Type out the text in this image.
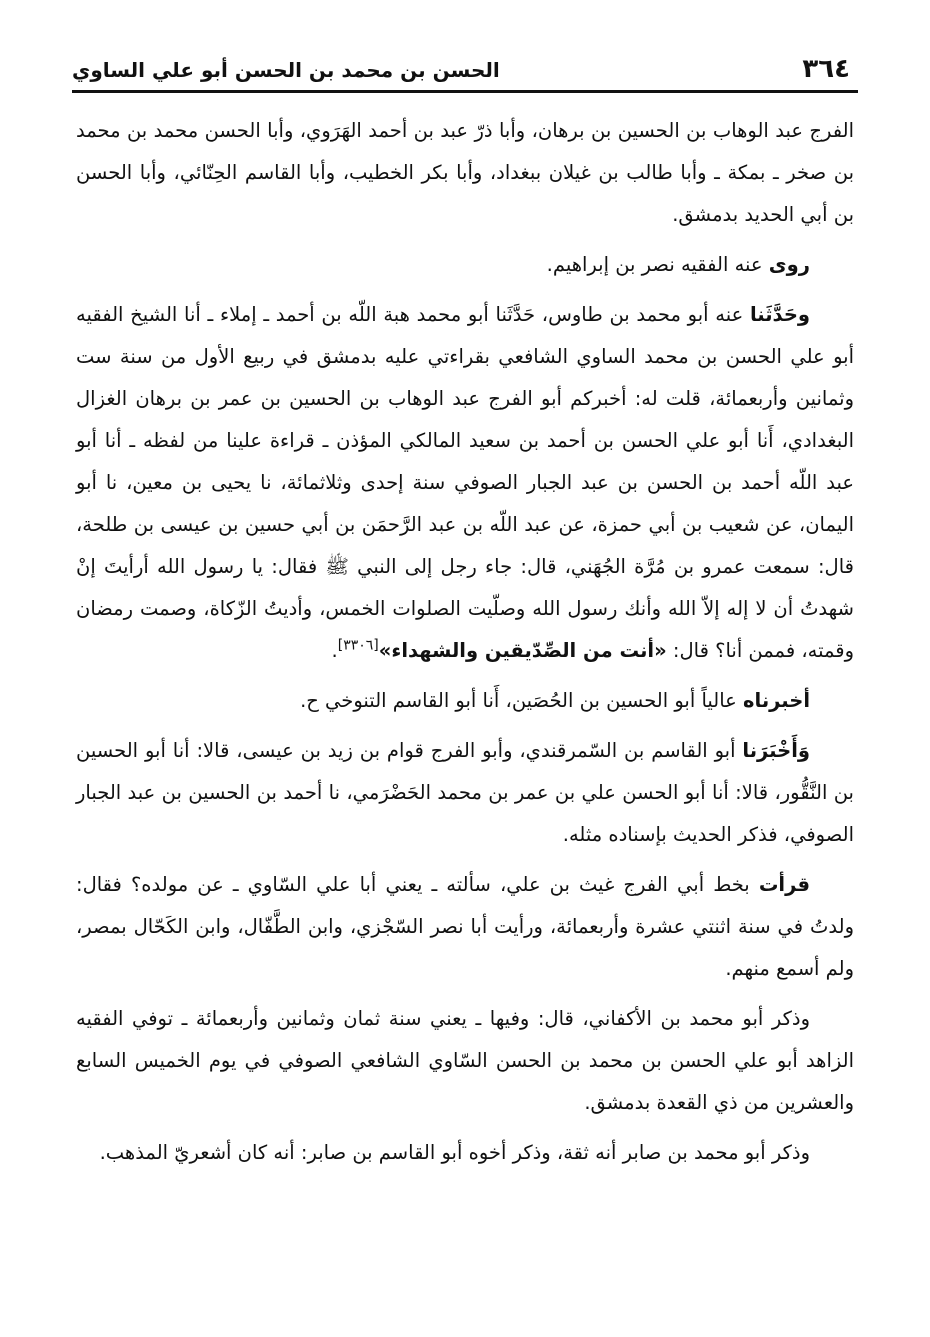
٣٦٤
الحسن بن محمد بن الحسن أبو علي الساوي

الفرج عبد الوهاب بن الحسين بن برهان، وأبا ذرّ عبد بن أحمد الهَرَوي، وأبا الحسن محمد بن محمد بن صخر ـ بمكة ـ وأبا طالب بن غيلان ببغداد، وأبا بكر الخطيب، وأبا القاسم الحِنّائي، وأبا الحسن بن أبي الحديد بدمشق.

روى عنه الفقيه نصر بن إبراهيم.

وحَدَّثَنا عنه أبو محمد بن طاوس، حَدَّثَنا أبو محمد هبة اللّه بن أحمد ـ إملاء ـ أنا الشيخ الفقيه أبو علي الحسن بن محمد الساوي الشافعي بقراءتي عليه بدمشق في ربيع الأول من سنة ست وثمانين وأربعمائة، قلت له: أخبركم أبو الفرج عبد الوهاب بن الحسين بن عمر بن برهان الغزال البغدادي، أَنا أبو علي الحسن بن أحمد بن سعيد المالكي المؤذن ـ قراءة علينا من لفظه ـ أنا أبو عبد اللّه أحمد بن الحسن بن عبد الجبار الصوفي سنة إحدى وثلاثمائة، نا يحيى بن معين، نا أبو اليمان، عن شعيب بن أبي حمزة، عن عبد اللّه بن عبد الرَّحمَن بن أبي حسين بن عيسى بن طلحة، قال: سمعت عمرو بن مُرَّة الجُهَني، قال: جاء رجل إلى النبي ﷺ فقال: يا رسول الله أرأيتَ إنْ شهدتُ أن لا إله إلاّ الله وأنك رسول الله وصلّيت الصلوات الخمس، وأديتُ الزّكاة، وصمت رمضان وقمته، فممن أنا؟ قال: «أنت من الصِّدّيقين والشهداء»[٣٣٠٦].

أخبرناه عالياً أبو الحسين بن الحُصَين، أَنا أبو القاسم التنوخي ح.

وَأَخْبَرَنا أبو القاسم بن السّمرقندي، وأبو الفرج قوام بن زيد بن عيسى، قالا: أنا أبو الحسين بن النَّقُّور، قالا: أنا أبو الحسن علي بن عمر بن محمد الحَضْرَمي، نا أحمد بن الحسين بن عبد الجبار الصوفي، فذكر الحديث بإسناده مثله.

قرأت بخط أبي الفرج غيث بن علي، سألته ـ يعني أبا علي السّاوي ـ عن مولده؟ فقال: ولدتُ في سنة اثنتي عشرة وأربعمائة، ورأيت أبا نصر السّجْزي، وابن الطَّفّال، وابن الكَحّال بمصر، ولم أسمع منهم.

وذكر أبو محمد بن الأكفاني، قال: وفيها ـ يعني سنة ثمان وثمانين وأربعمائة ـ توفي الفقيه الزاهد أبو علي الحسن بن محمد بن الحسن السّاوي الشافعي الصوفي في يوم الخميس السابع والعشرين من ذي القعدة بدمشق.

وذكر أبو محمد بن صابر أنه ثقة، وذكر أخوه أبو القاسم بن صابر: أنه كان أشعريّ المذهب.
